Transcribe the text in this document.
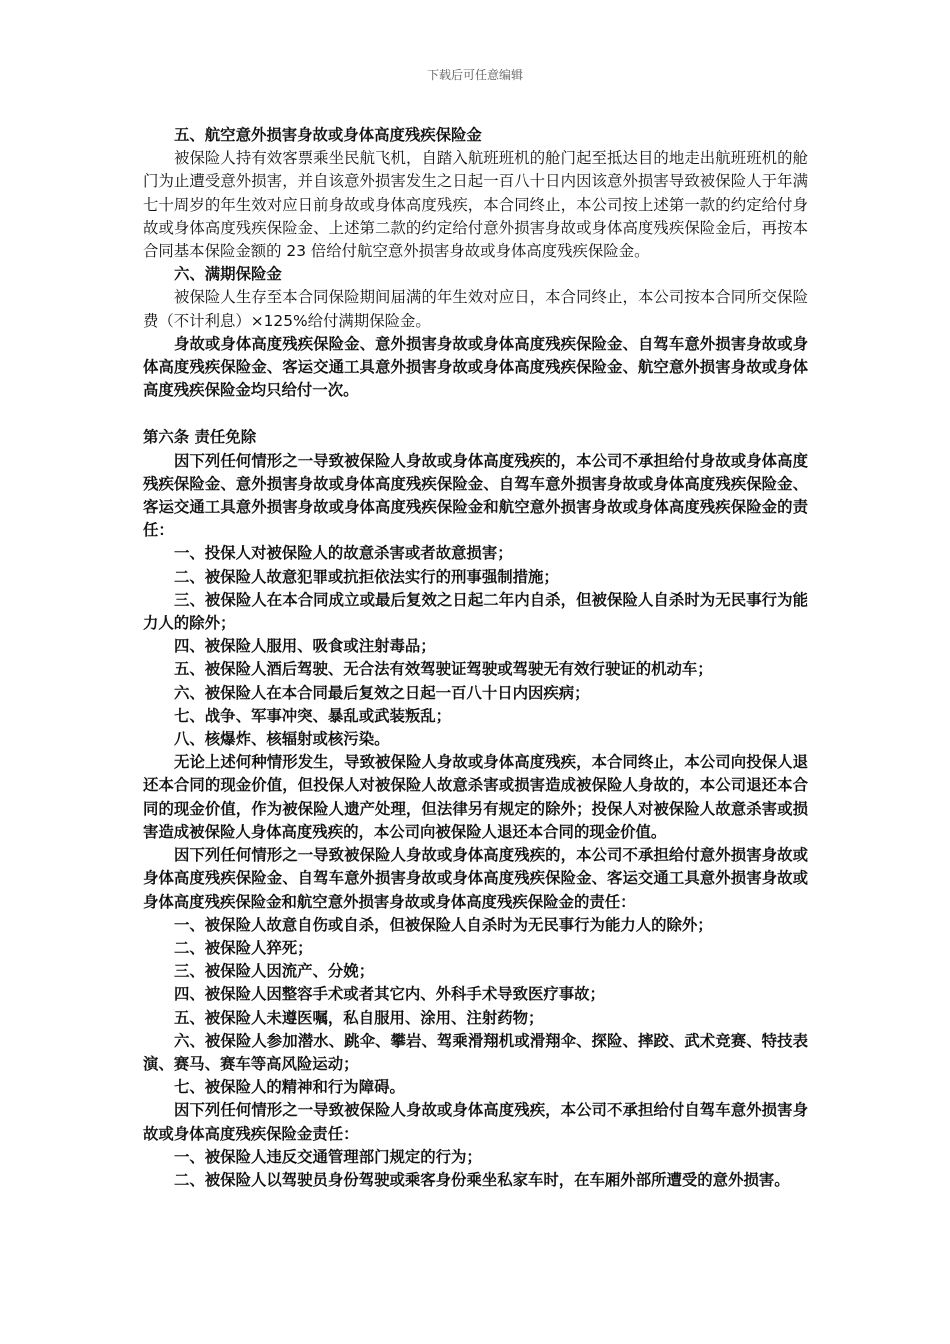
下载后可任意编辑

五、航空意外损害身故或身体高度残疾保险金

被保险人持有效客票乘坐民航飞机，自踏入航班班机的舱门起至抵达目的地走出航班班机的舱门为止遭受意外损害，并自该意外损害发生之日起一百八十日内因该意外损害导致被保险人于年满七十周岁的年生效对应日前身故或身体高度残疾，本合同终止，本公司按上述第一款的约定给付身故或身体高度残疾保险金、上述第二款的约定给付意外损害身故或身体高度残疾保险金后，再按本合同基本保险金额的 23 倍给付航空意外损害身故或身体高度残疾保险金。

六、满期保险金

被保险人生存至本合同保险期间届满的年生效对应日，本合同终止，本公司按本合同所交保险费（不计利息）×125%给付满期保险金。

身故或身体高度残疾保险金、意外损害身故或身体高度残疾保险金、自驾车意外损害身故或身体高度残疾保险金、客运交通工具意外损害身故或身体高度残疾保险金、航空意外损害身故或身体高度残疾保险金均只给付一次。

第六条 责任免除

因下列任何情形之一导致被保险人身故或身体高度残疾的，本公司不承担给付身故或身体高度残疾保险金、意外损害身故或身体高度残疾保险金、自驾车意外损害身故或身体高度残疾保险金、客运交通工具意外损害身故或身体高度残疾保险金和航空意外损害身故或身体高度残疾保险金的责任：

一、投保人对被保险人的故意杀害或者故意损害；

二、被保险人故意犯罪或抗拒依法实行的刑事强制措施；

三、被保险人在本合同成立或最后复效之日起二年内自杀，但被保险人自杀时为无民事行为能力人的除外；

四、被保险人服用、吸食或注射毒品；

五、被保险人酒后驾驶、无合法有效驾驶证驾驶或驾驶无有效行驶证的机动车；

六、被保险人在本合同最后复效之日起一百八十日内因疾病；

七、战争、军事冲突、暴乱或武装叛乱；

八、核爆炸、核辐射或核污染。

无论上述何种情形发生，导致被保险人身故或身体高度残疾，本合同终止，本公司向投保人退还本合同的现金价值，但投保人对被保险人故意杀害或损害造成被保险人身故的，本公司退还本合同的现金价值，作为被保险人遗产处理，但法律另有规定的除外；投保人对被保险人故意杀害或损害造成被保险人身体高度残疾的，本公司向被保险人退还本合同的现金价值。

因下列任何情形之一导致被保险人身故或身体高度残疾的，本公司不承担给付意外损害身故或身体高度残疾保险金、自驾车意外损害身故或身体高度残疾保险金、客运交通工具意外损害身故或身体高度残疾保险金和航空意外损害身故或身体高度残疾保险金的责任：

一、被保险人故意自伤或自杀，但被保险人自杀时为无民事行为能力人的除外；

二、被保险人猝死；

三、被保险人因流产、分娩；

四、被保险人因整容手术或者其它内、外科手术导致医疗事故；

五、被保险人未遵医嘱，私自服用、涂用、注射药物；

六、被保险人参加潜水、跳伞、攀岩、驾乘滑翔机或滑翔伞、探险、摔跤、武术竞赛、特技表演、赛马、赛车等高风险运动；

七、被保险人的精神和行为障碍。

因下列任何情形之一导致被保险人身故或身体高度残疾，本公司不承担给付自驾车意外损害身故或身体高度残疾保险金责任：

一、被保险人违反交通管理部门规定的行为；

二、被保险人以驾驶员身份驾驶或乘客身份乘坐私家车时，在车厢外部所遭受的意外损害。
